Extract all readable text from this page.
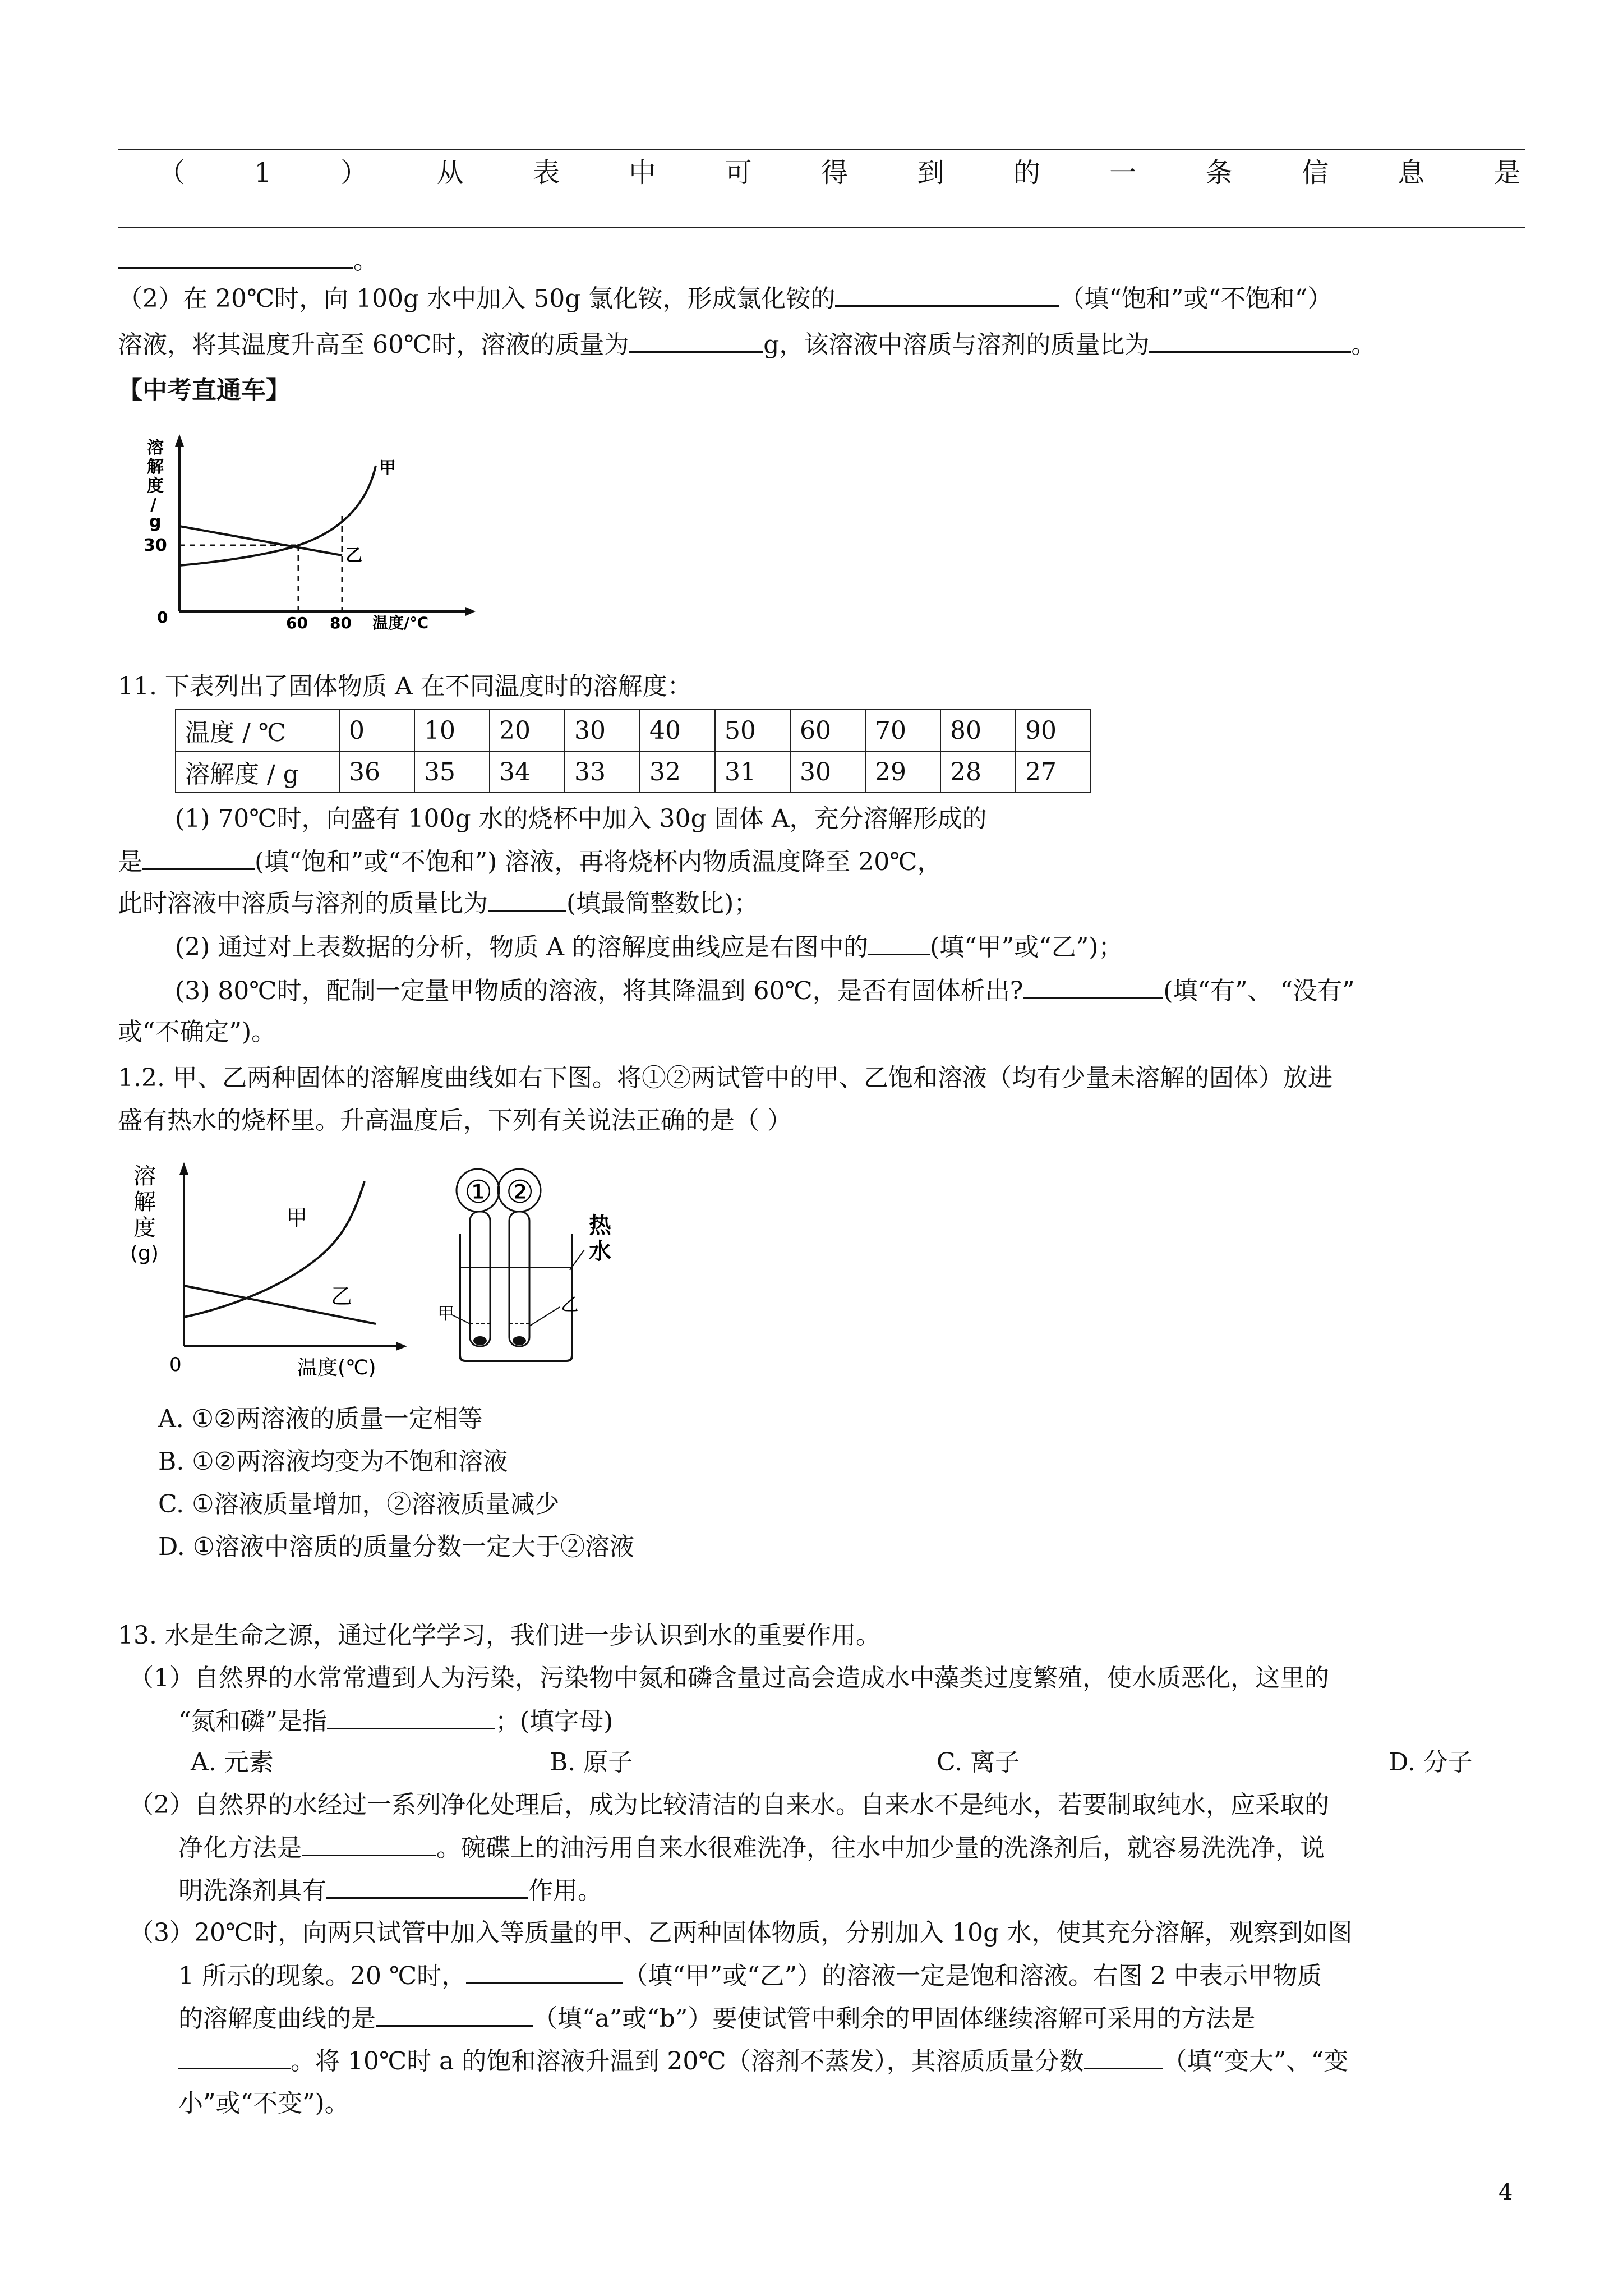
（	1	）	从	表	中	可	得	到	的	一	条	信	息	是
。
（2）在 20℃时，向 100g 水中加入 50g 氯化铵，形成氯化铵的	（填“饱和”或“不饱和“）
溶液，将其温度升高至 60℃时，溶液的质量为	g，该溶液中溶质与溶剂的质量比为	。
【中考直通车】
溶
解
度
/
g
30
0	60 80 温度/℃
甲
乙
11. 下表列出了固体物质 A 在不同温度时的溶解度：
温度 / ℃	0	10	20	30	40	50	60	70	80	90
溶解度 / g	36	35	34	33	32	31	30	29	28	27
(1) 70℃时，向盛有 100g 水的烧杯中加入 30g 固体 A，充分溶解形成的
是	(填“饱和”或“不饱和”) 溶液，再将烧杯内物质温度降至 20℃，
此时溶液中溶质与溶剂的质量比为	(填最简整数比)；
(2) 通过对上表数据的分析，物质 A 的溶解度曲线应是右图中的	(填“甲”或“乙”)；
(3) 80℃时，配制一定量甲物质的溶液，将其降温到 60℃，是否有固体析出?	(填“有”、 “没有”
或“不确定”)。
1.2. 甲、乙两种固体的溶解度曲线如右下图。将①②两试管中的甲、乙饱和溶液（均有少量未溶解的固体）放进
盛有热水的烧杯里。升高温度后，下列有关说法正确的是（ ）
溶
解
度
(g)
0	温度(℃)
甲
乙
① ②
热
水
甲	乙
A. ①②两溶液的质量一定相等
B. ①②两溶液均变为不饱和溶液
C. ①溶液质量增加，②溶液质量减少
D. ①溶液中溶质的质量分数一定大于②溶液
13. 水是生命之源，通过化学学习，我们进一步认识到水的重要作用。
（1）自然界的水常常遭到人为污染，污染物中氮和磷含量过高会造成水中藻类过度繁殖，使水质恶化，这里的
“氮和磷”是指	；(填字母)
A. 元素	B. 原子	C. 离子	D. 分子
（2）自然界的水经过一系列净化处理后，成为比较清洁的自来水。自来水不是纯水，若要制取纯水，应采取的
净化方法是	。碗碟上的油污用自来水很难洗净，往水中加少量的洗涤剂后，就容易洗洗净，说
明洗涤剂具有	作用。
（3）20℃时，向两只试管中加入等质量的甲、乙两种固体物质，分别加入 10g 水，使其充分溶解，观察到如图
1 所示的现象。20 ℃时，	（填“甲”或“乙”）的溶液一定是饱和溶液。右图 2 中表示甲物质
的溶解度曲线的是	（填“a”或“b”）要使试管中剩余的甲固体继续溶解可采用的方法是
。将 10℃时 a 的饱和溶液升温到 20℃（溶剂不蒸发），其溶质质量分数	（填“变大”、“变
小”或“不变”)。
4
